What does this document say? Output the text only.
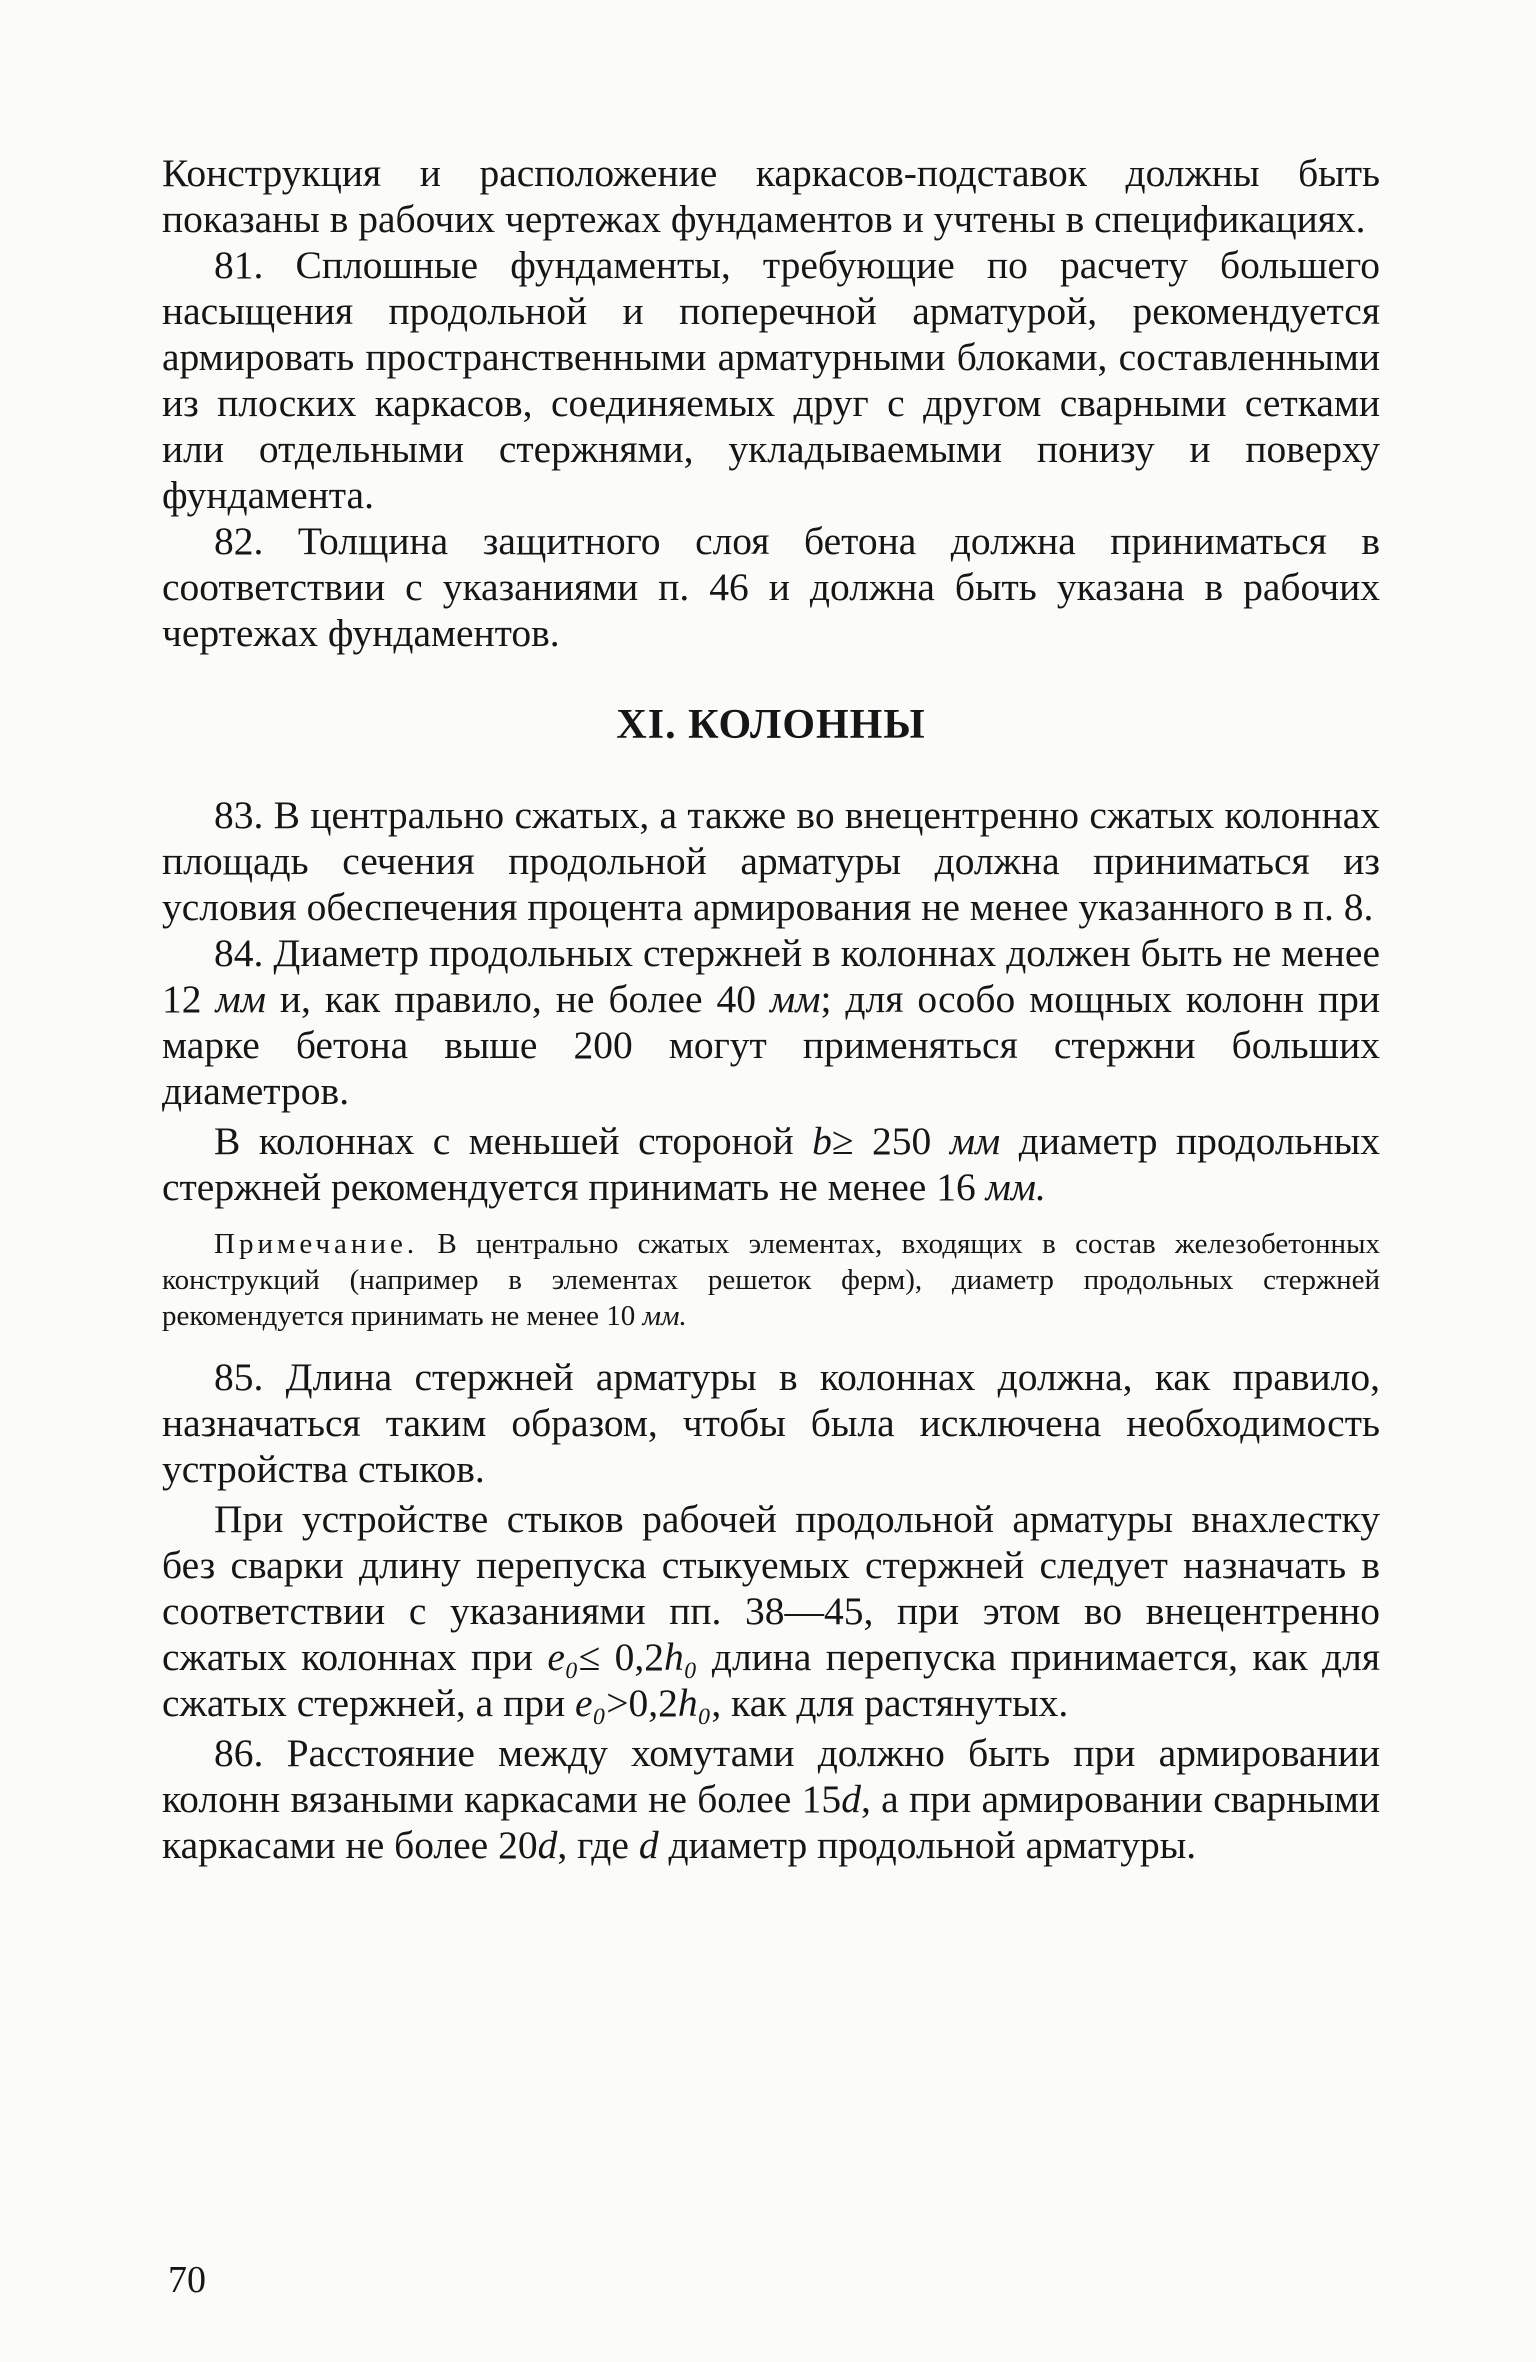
Конструкция и расположение каркасов-подставок должны быть показаны в рабочих чертежах фундаментов и учтены в спецификациях.

81. Сплошные фундаменты, требующие по расчету большего насыщения продольной и поперечной арматурой, рекомендуется армировать пространственными арматурными блоками, составленными из плоских каркасов, соединяемых друг с другом сварными сетками или отдельными стержнями, укладываемыми понизу и поверху фундамента.

82. Толщина защитного слоя бетона должна приниматься в соответствии с указаниями п. 46 и должна быть указана в рабочих чертежах фундаментов.

XI. КОЛОННЫ

83. В центрально сжатых, а также во внецентренно сжатых колоннах площадь сечения продольной арматуры должна приниматься из условия обеспечения процента армирования не менее указанного в п. 8.

84. Диаметр продольных стержней в колоннах должен быть не менее 12 мм и, как правило, не более 40 мм; для особо мощных колонн при марке бетона выше 200 могут применяться стержни больших диаметров.

В колоннах с меньшей стороной b≥ 250 мм диаметр продольных стержней рекомендуется принимать не менее 16 мм.

Примечание. В центрально сжатых элементах, входящих в состав железобетонных конструкций (например в элементах решеток ферм), диаметр продольных стержней рекомендуется принимать не менее 10 мм.

85. Длина стержней арматуры в колоннах должна, как правило, назначаться таким образом, чтобы была исключена необходимость устройства стыков.

При устройстве стыков рабочей продольной арматуры внахлестку без сварки длину перепуска стыкуемых стержней следует назначать в соответствии с указаниями пп. 38—45, при этом во внецентренно сжатых колоннах при e₀≤ 0,2h₀ длина перепуска принимается, как для сжатых стержней, а при e₀>0,2h₀, как для растянутых.

86. Расстояние между хомутами должно быть при армировании колонн вязаными каркасами не более 15d, а при армировании сварными каркасами не более 20d, где d диаметр продольной арматуры.

70
